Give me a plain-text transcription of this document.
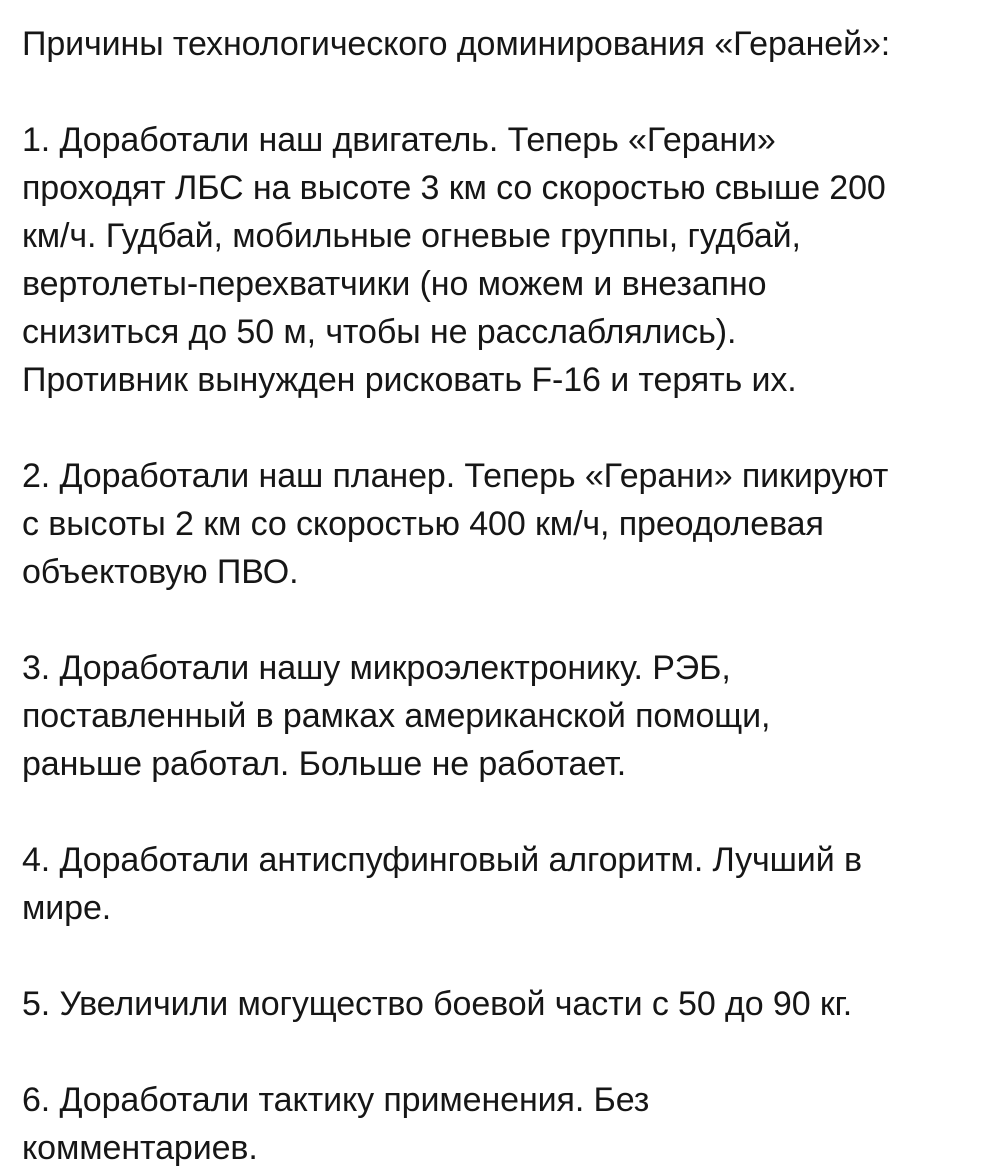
Причины технологического доминирования «Гераней»:
1. Доработали наш двигатель. Теперь «Герани»
проходят ЛБС на высоте 3 км со скоростью свыше 200
км/ч. Гудбай, мобильные огневые группы, гудбай,
вертолеты-перехватчики (но можем и внезапно
снизиться до 50 м, чтобы не расслаблялись).
Противник вынужден рисковать F-16 и терять их.
2. Доработали наш планер. Теперь «Герани» пикируют
с высоты 2 км со скоростью 400 км/ч, преодолевая
объектовую ПВО.
3. Доработали нашу микроэлектронику. РЭБ,
поставленный в рамках американской помощи,
раньше работал. Больше не работает.
4. Доработали антиспуфинговый алгоритм. Лучший в
мире.
5. Увеличили могущество боевой части с 50 до 90 кг.
6. Доработали тактику применения. Без
комментариев.
